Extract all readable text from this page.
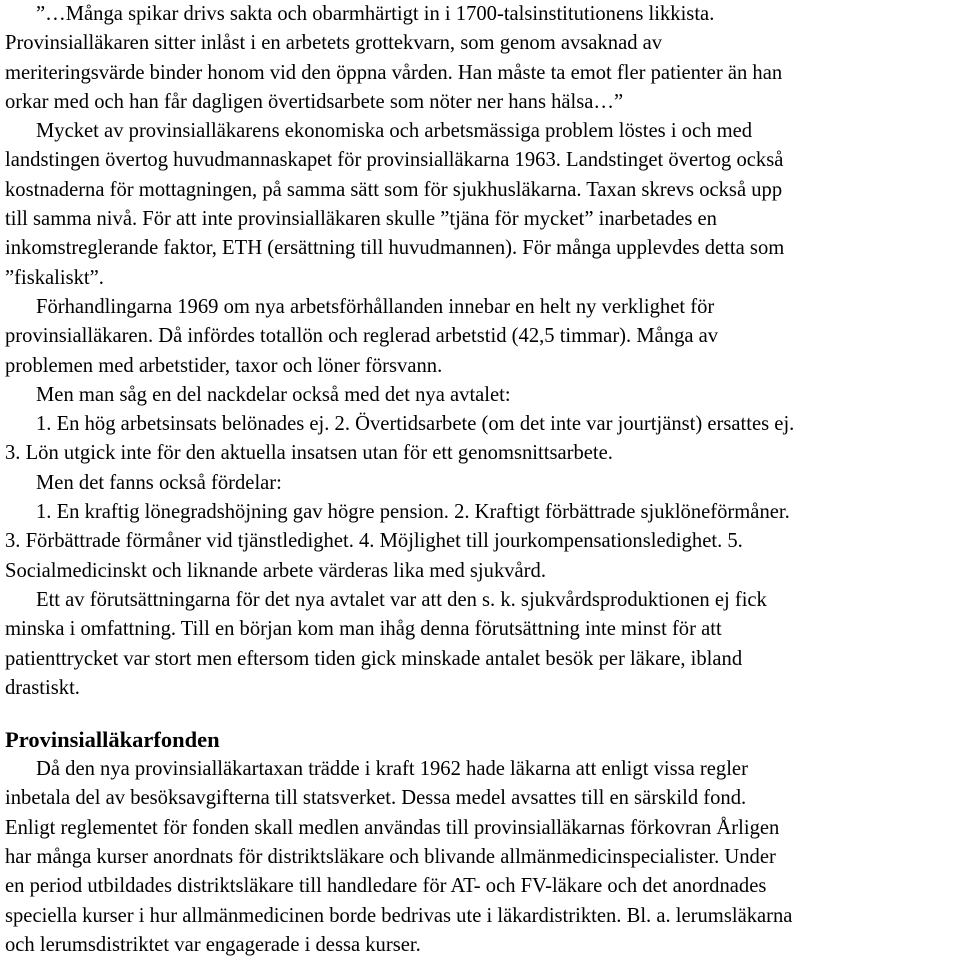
”…Många spikar drivs sakta och obarmhärtigt in i 1700-talsinstitutionens likkista.
Provinsialläkaren sitter inlåst i en arbetets grottekvarn, som genom avsaknad av
meriteringsvärde binder honom vid den öppna vården. Han måste ta emot fler patienter än han
orkar med och han får dagligen övertidsarbete som nöter ner hans hälsa…”
Mycket av provinsialläkarens ekonomiska och arbetsmässiga problem löstes i och med
landstingen övertog huvudmannaskapet för provinsialläkarna 1963. Landstinget övertog också
kostnaderna för mottagningen, på samma sätt som för sjukhusläkarna. Taxan skrevs också upp
till samma nivå. För att inte provinsialläkaren skulle ”tjäna för mycket” inarbetades en
inkomstreglerande faktor, ETH (ersättning till huvudmannen). För många upplevdes detta som
”fiskaliskt”.
Förhandlingarna 1969 om nya arbetsförhållanden innebar en helt ny verklighet för
provinsialläkaren. Då infördes totallön och reglerad arbetstid (42,5 timmar). Många av
problemen med arbetstider, taxor och löner försvann.
Men man såg en del nackdelar också med det nya avtalet:
1. En hög arbetsinsats belönades ej. 2. Övertidsarbete (om det inte var jourtjänst) ersattes ej.
3. Lön utgick inte för den aktuella insatsen utan för ett genomsnittsarbete.
Men det fanns också fördelar:
1. En kraftig lönegradshöjning gav högre pension. 2. Kraftigt förbättrade sjuklöneförmåner.
3. Förbättrade förmåner vid tjänstledighet. 4. Möjlighet till jourkompensationsledighet. 5.
Socialmedicinskt och liknande arbete värderas lika med sjukvård.
Ett av förutsättningarna för det nya avtalet var att den s. k. sjukvårdsproduktionen ej fick
minska i omfattning. Till en början kom man ihåg denna förutsättning inte minst för att
patienttrycket var stort men eftersom tiden gick minskade antalet besök per läkare, ibland
drastiskt.
Provinsialläkarfonden
Då den nya provinsialläkartaxan trädde i kraft 1962 hade läkarna att enligt vissa regler
inbetala del av besöksavgifterna till statsverket. Dessa medel avsattes till en särskild fond.
Enligt reglementet för fonden skall medlen användas till provinsialläkarnas förkovran Årligen
har många kurser anordnats för distriktsläkare och blivande allmänmedicinspecialister. Under
en period utbildades distriktsläkare till handledare för AT- och FV-läkare och det anordnades
speciella kurser i hur allmänmedicinen borde bedrivas ute i läkardistrikten. Bl. a. lerumsläkarna
och lerumsdistriktet var engagerade i dessa kurser.
